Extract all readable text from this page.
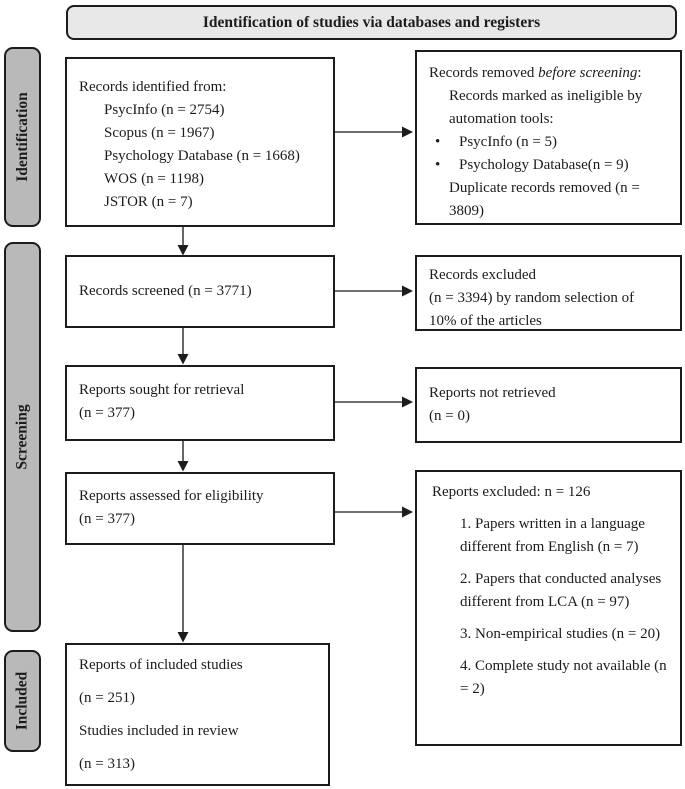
Identification of studies via databases and registers
Identification
Screening
Included
Records identified from:
PsycInfo (n = 2754)
Scopus (n = 1967)
Psychology Database (n = 1668)
WOS (n = 1198)
JSTOR (n = 7)
Records screened (n = 3771)
Reports sought for retrieval
(n = 377)
Reports assessed for eligibility
(n = 377)
Reports of included studies
(n = 251)
Studies included in review
(n = 313)
Records removed before screening:
Records marked as ineligible by automation tools:
•	PsycInfo (n = 5)
•	Psychology Database(n = 9)
Duplicate records removed (n = 3809)
Records excluded
(n = 3394) by random selection of
10% of the articles
Reports not retrieved
(n = 0)
Reports excluded: n = 126
1. Papers written in a language different from English (n = 7)
2. Papers that conducted analyses different from LCA (n = 97)
3. Non-empirical studies (n = 20)
4. Complete study not available (n = 2)
